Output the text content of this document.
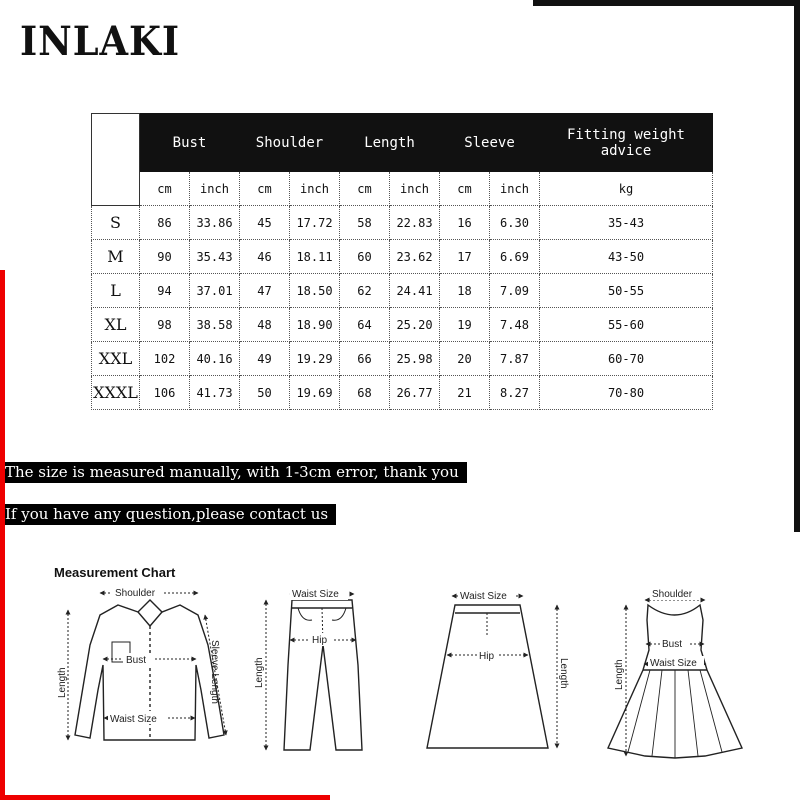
INLAKI
	Bust		Shoulder		Length		Sleeve		Fitting weight advice
	cm	inch	cm	inch	cm	inch	cm	inch	kg
S	86	33.86	45	17.72	58	22.83	16	6.30	35-43
M	90	35.43	46	18.11	60	23.62	17	6.69	43-50
L	94	37.01	47	18.50	62	24.41	18	7.09	50-55
XL	98	38.58	48	18.90	64	25.20	19	7.48	55-60
XXL	102	40.16	49	19.29	66	25.98	20	7.87	60-70
XXXL	106	41.73	50	19.69	68	26.77	21	8.27	70-80
The size is measured manually, with 1-3cm error, thank you
If you have any question,please contact us
Measurement Chart
Shoulder
Bust
Waist Size
Length	Sleeve Length
Waist Size
Hip
Length
Waist Size
Hip
Length
Shoulder
Bust
Waist Size
Length
